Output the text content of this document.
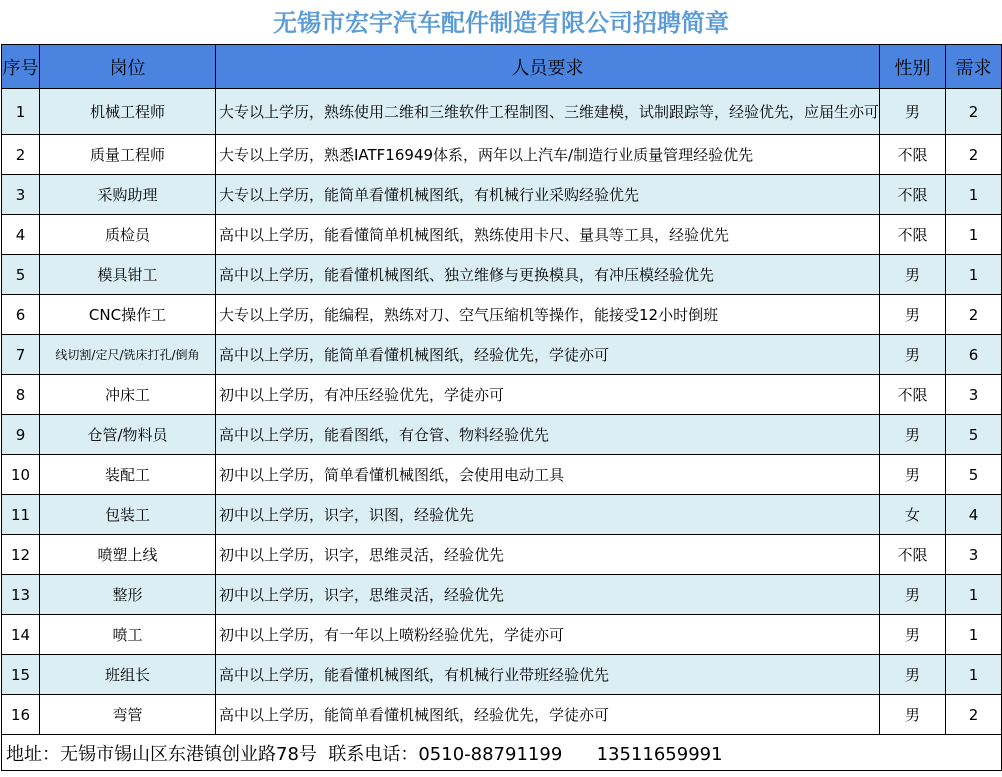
无锡市宏宇汽车配件制造有限公司招聘简章
序号	岗位	人员要求	性别	需求
1	机械工程师	大专以上学历，熟练使用二维和三维软件工程制图、三维建模，试制跟踪等，经验优先，应届生亦可	男	2
2	质量工程师	大专以上学历，熟悉IATF16949体系，两年以上汽车/制造行业质量管理经验优先	不限	2
3	采购助理	大专以上学历，能简单看懂机械图纸，有机械行业采购经验优先	不限	1
4	质检员	高中以上学历，能看懂简单机械图纸，熟练使用卡尺、量具等工具，经验优先	不限	1
5	模具钳工	高中以上学历，能看懂机械图纸、独立维修与更换模具，有冲压模经验优先	男	1
6	CNC操作工	大专以上学历，能编程，熟练对刀、空气压缩机等操作，能接受12小时倒班	男	2
7	线切割/定尺/铣床打孔/倒角	高中以上学历，能简单看懂机械图纸，经验优先，学徒亦可	男	6
8	冲床工	初中以上学历，有冲压经验优先，学徒亦可	不限	3
9	仓管/物料员	高中以上学历，能看图纸，有仓管、物料经验优先	男	5
10	装配工	初中以上学历，简单看懂机械图纸，会使用电动工具	男	5
11	包装工	初中以上学历，识字，识图，经验优先	女	4
12	喷塑上线	初中以上学历，识字，思维灵活，经验优先	不限	3
13	整形	初中以上学历，识字，思维灵活，经验优先	男	1
14	喷工	初中以上学历，有一年以上喷粉经验优先，学徒亦可	男	1
15	班组长	高中以上学历，能看懂机械图纸，有机械行业带班经验优先	男	1
16	弯管	高中以上学历，能简单看懂机械图纸，经验优先，学徒亦可	男	2
地址：无锡市锡山区东港镇创业路78号  联系电话：0510-88791199      13511659991				
